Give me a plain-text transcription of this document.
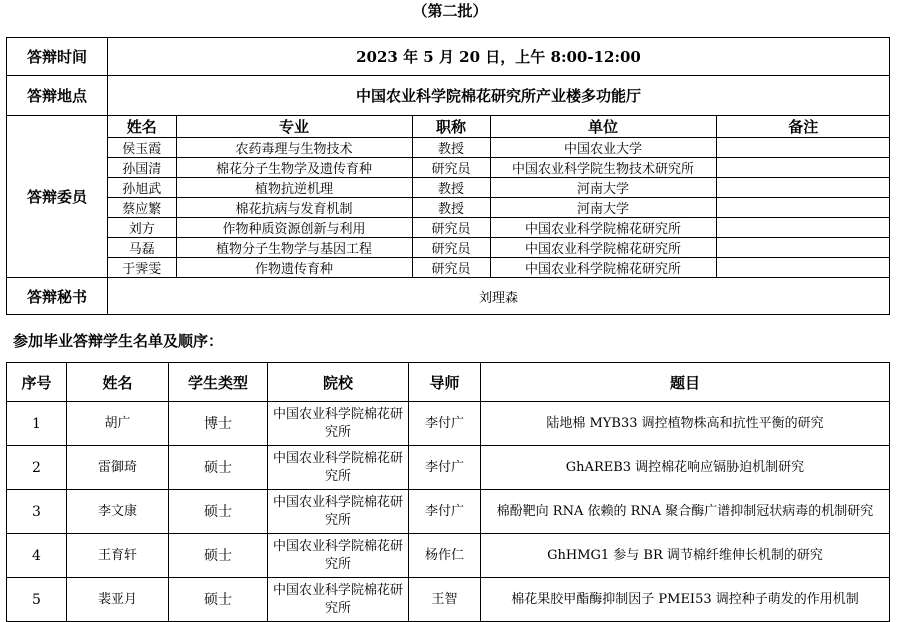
（第二批）
答辩时间	2023 年 5 月 20 日，上午 8:00-12:00
答辩地点	中国农业科学院棉花研究所产业楼多功能厅
答辩委员	
姓名	专业	职称	单位	备注
侯玉霞	农药毒理与生物技术	教授	中国农业大学	
孙国清	棉花分子生物学及遗传育种	研究员	中国农业科学院生物技术研究所	
孙旭武	植物抗逆机理	教授	河南大学	
蔡应繁	棉花抗病与发育机制	教授	河南大学	
刘方	作物种质资源创新与利用	研究员	中国农业科学院棉花研究所	
马磊	植物分子生物学与基因工程	研究员	中国农业科学院棉花研究所	
于霁雯	作物遗传育种	研究员	中国农业科学院棉花研究所	

答辩秘书	刘理森
参加毕业答辩学生名单及顺序：
序号	姓名	学生类型	院校	导师	题目
1	胡广	博士	中国农业科学院棉花研究所	李付广	陆地棉 MYB33 调控植物株高和抗性平衡的研究
2	雷御琦	硕士	中国农业科学院棉花研究所	李付广	GhAREB3 调控棉花响应镉胁迫机制研究
3	李文康	硕士	中国农业科学院棉花研究所	李付广	棉酚靶向 RNA 依赖的 RNA 聚合酶广谱抑制冠状病毒的机制研究
4	王育轩	硕士	中国农业科学院棉花研究所	杨作仁	GhHMG1 参与 BR 调节棉纤维伸长机制的研究
5	裴亚月	硕士	中国农业科学院棉花研究所	王智	棉花果胶甲酯酶抑制因子 PMEI53 调控种子萌发的作用机制
